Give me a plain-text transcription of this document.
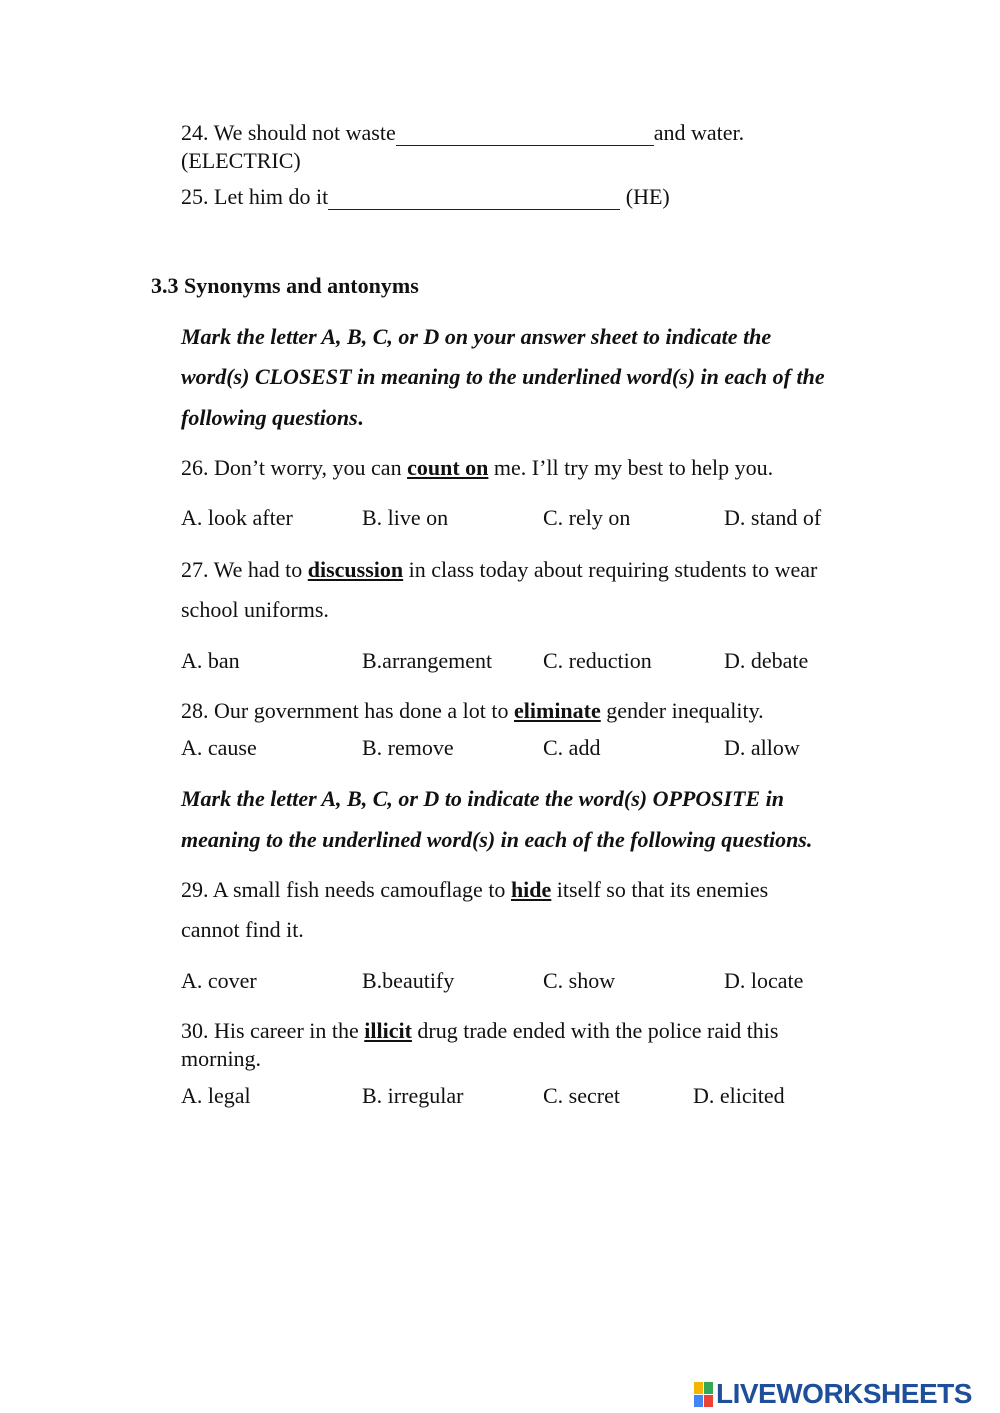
24. We should not waste	and water.
(ELECTRIC)
25. Let him do it	(HE)
3.3 Synonyms and antonyms
Mark the letter A, B, C, or D on your answer sheet to indicate the
word(s) CLOSEST in meaning to the underlined word(s) in each of the
following questions.
26. Don’t worry, you can count on me. I’ll try my best to help you.
A. look after	B. live on	C. rely on	D. stand of
27. We had to discussion in class today about requiring students to wear
school uniforms.
A. ban	B.arrangement C. reduction	D. debate
28. Our government has done a lot to eliminate gender inequality.
A. cause	B. remove	C. add	D. allow
Mark the letter A, B, C, or D to indicate the word(s) OPPOSITE in
meaning to the underlined word(s) in each of the following questions.
29. A small fish needs camouflage to hide itself so that its enemies
cannot find it.
A. cover	B.beautify	C. show	D. locate
30. His career in the illicit drug trade ended with the police raid this
morning.
A. legal	B. irregular	C. secret	D. elicited
LIVEWORKSHEETS
